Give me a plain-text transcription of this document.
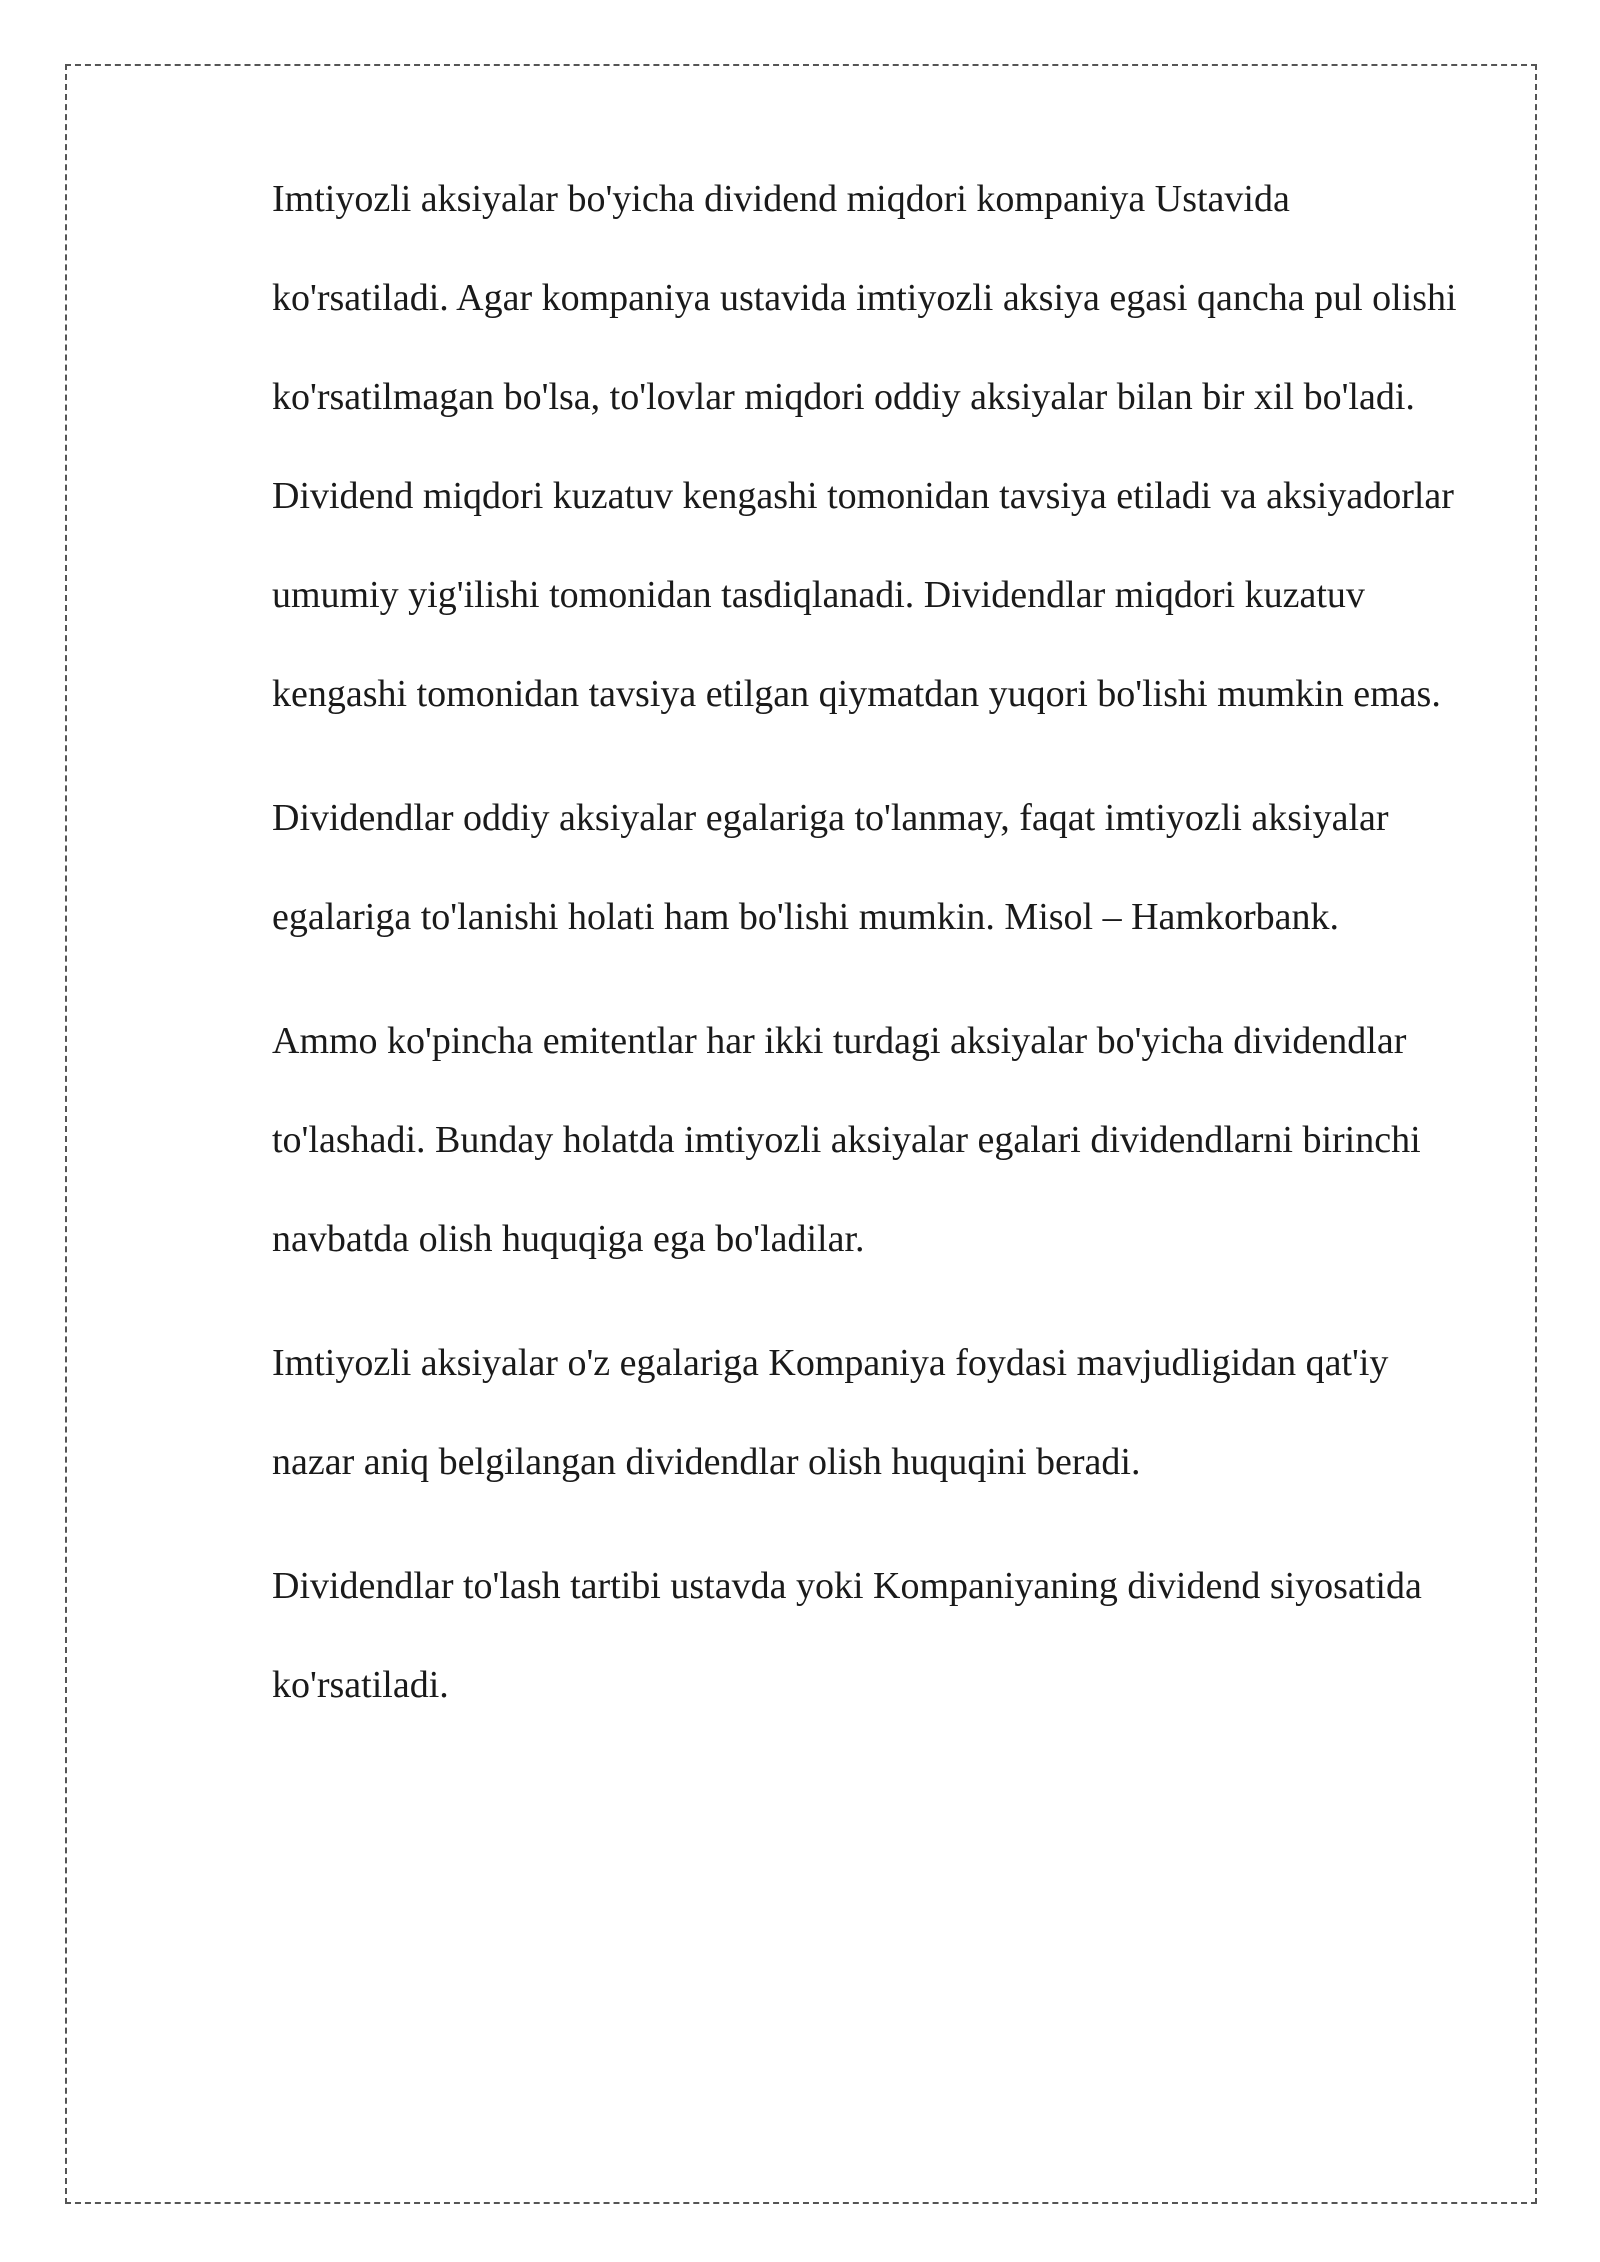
Imtiyozli aksiyalar bo'yicha dividend miqdori kompaniya Ustavida ko'rsatiladi. Agar kompaniya ustavida imtiyozli aksiya egasi qancha pul olishi ko'rsatilmagan bo'lsa, to'lovlar miqdori oddiy aksiyalar bilan bir xil bo'ladi. Dividend miqdori kuzatuv kengashi tomonidan tavsiya etiladi va aksiyadorlar umumiy yig'ilishi tomonidan tasdiqlanadi. Dividendlar miqdori kuzatuv kengashi tomonidan tavsiya etilgan qiymatdan yuqori bo'lishi mumkin emas.

Dividendlar oddiy aksiyalar egalariga to'lanmay, faqat imtiyozli aksiyalar egalariga to'lanishi holati ham bo'lishi mumkin. Misol – Hamkorbank.

Ammo ko'pincha emitentlar har ikki turdagi aksiyalar bo'yicha dividendlar to'lashadi. Bunday holatda imtiyozli aksiyalar egalari dividendlarni birinchi navbatda olish huquqiga ega bo'ladilar.

Imtiyozli aksiyalar o'z egalariga Kompaniya foydasi mavjudligidan qat'iy nazar aniq belgilangan dividendlar olish huquqini beradi.

Dividendlar to'lash tartibi ustavda yoki Kompaniyaning dividend siyosatida ko'rsatiladi.
